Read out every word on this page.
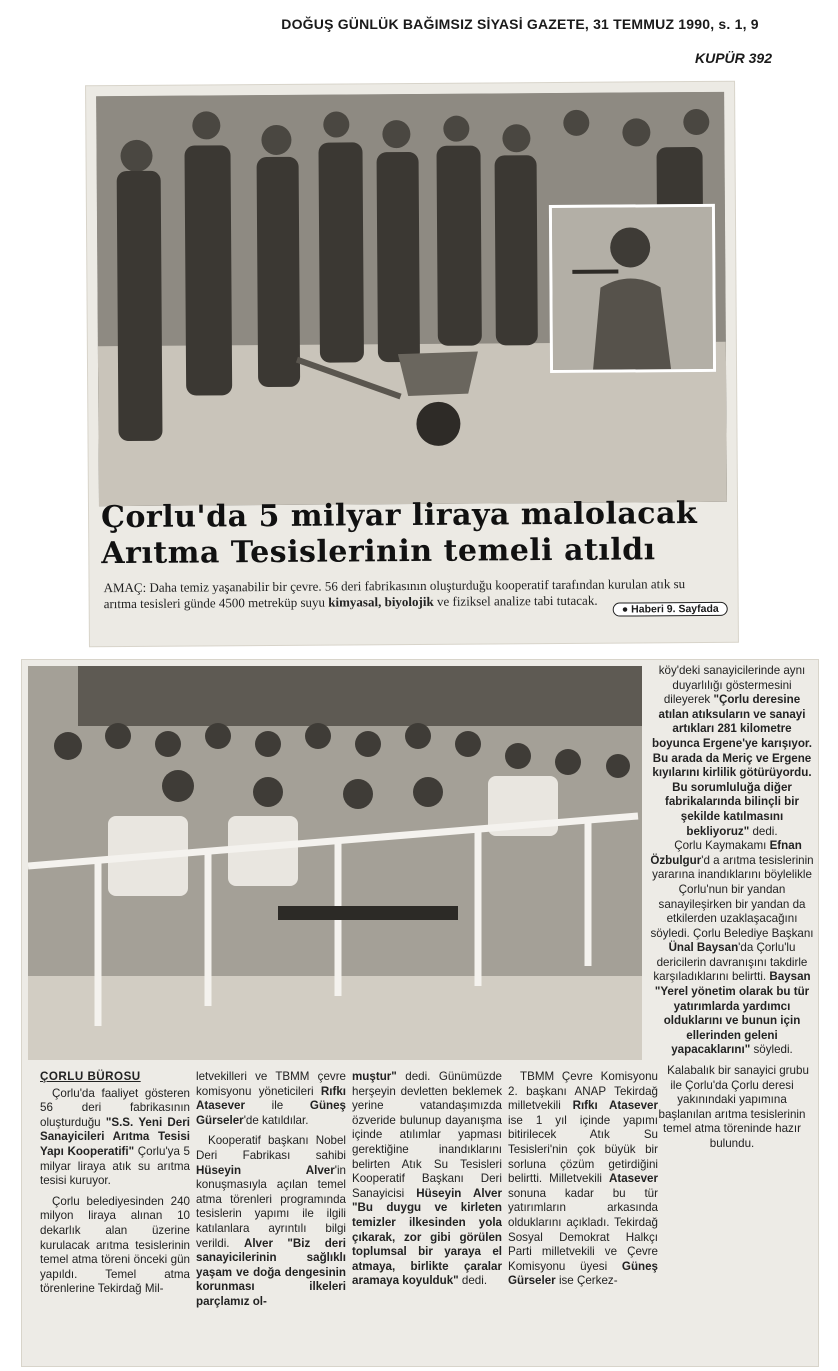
DOĞUŞ GÜNLÜK BAĞIMSIZ SİYASİ GAZETE, 31 TEMMUZ 1990, s. 1, 9
KUPÜR 392
Çorlu'da 5 milyar liraya malolacak
Arıtma Tesislerinin temeli atıldı
AMAÇ: Daha temiz yaşanabilir bir çevre. 56 deri fabrikasının oluşturduğu kooperatif tarafından kurulan atık su arıtma tesisleri günde 4500 metreküp suyu kimyasal, biyolojik ve fiziksel analize tabi tutacak.
● Haberi 9. Sayfada

köy'deki sanayicilerinde aynı duyarlılığı göstermesini dileyerek "Çorlu deresine atılan atıksuların ve sanayi artıkları 281 kilometre boyunca Ergene'ye karışıyor. Bu arada da Meriç ve Ergene kıyılarını kirlilik götürüyordu. Bu sorumluluğa diğer fabrikalarında bilinçli bir şekilde katılmasını bekliyoruz" dedi.

Çorlu Kaymakamı Efnan Özbulgur'd a arıtma tesislerinin yararına inandıklarını böylelikle Çorlu'nun bir yandan sanayileşirken bir yandan da etkilerden uzaklaşacağını söyledi. Çorlu Belediye Başkanı Ünal Baysan'da Çorlu'lu dericilerin davranışını takdirle karşıladıklarını belirtti. Baysan "Yerel yönetim olarak bu tür yatırımlarda yardımcı olduklarını ve bunun için ellerinden geleni yapacaklarını" söyledi.

Kalabalık bir sanayici grubu ile Çorlu'da Çorlu deresi yakınındaki yapımına başlanılan arıtma tesislerinin temel atma töreninde hazır bulundu.

ÇORLU BÜROSU

Çorlu'da faaliyet gösteren 56 deri fabrikasının oluşturduğu "S.S. Yeni Deri Sanayicileri Arıtma Tesisi Yapı Kooperatifi" Çorlu'ya 5 milyar liraya atık su arıtma tesisi kuruyor.

Çorlu belediyesinden 240 milyon liraya alınan 10 dekarlık alan üzerine kurulacak arıtma tesislerinin temel atma töreni önceki gün yapıldı. Temel atma törenlerine Tekirdağ Mil-

letvekilleri ve TBMM çevre komisyonu yöneticileri Rıfkı Atasever ile Güneş Gürseler'de katıldılar.

Kooperatif başkanı Nobel Deri Fabrikası sahibi Hüseyin Alver'in konuşmasıyla açılan temel atma törenleri programında tesislerin yapımı ile ilgili katılanlara ayrıntılı bilgi verildi. Alver "Biz deri sanayicilerinin sağlıklı yaşam ve doğa dengesinin korunması ilkeleri parçlamız ol-

muştur" dedi. Günümüzde herşeyin devletten beklemek yerine vatandaşımızda özveride bulunup dayanışma içinde atılımlar yapması gerektiğine inandıklarını belirten Atık Su Tesisleri Kooperatif Başkanı Deri Sanayicisi Hüseyin Alver "Bu duygu ve kirleten temizler ilkesinden yola çıkarak, zor gibi görülen toplumsal bir yaraya el atmaya, birlikte çaralar aramaya koyulduk" dedi.

TBMM Çevre Komisyonu 2. başkanı ANAP Tekirdağ milletvekili Rıfkı Atasever ise 1 yıl içinde yapımı bitirilecek Atık Su Tesisleri'nin çok büyük bir sorluna çözüm getirdiğini belirtti. Milletvekili Atasever sonuna kadar bu tür yatırımların arkasında olduklarını açıkladı. Tekirdağ Sosyal Demokrat Halkçı Parti milletvekili ve Çevre Komisyonu üyesi Güneş Gürseler ise Çerkez-
